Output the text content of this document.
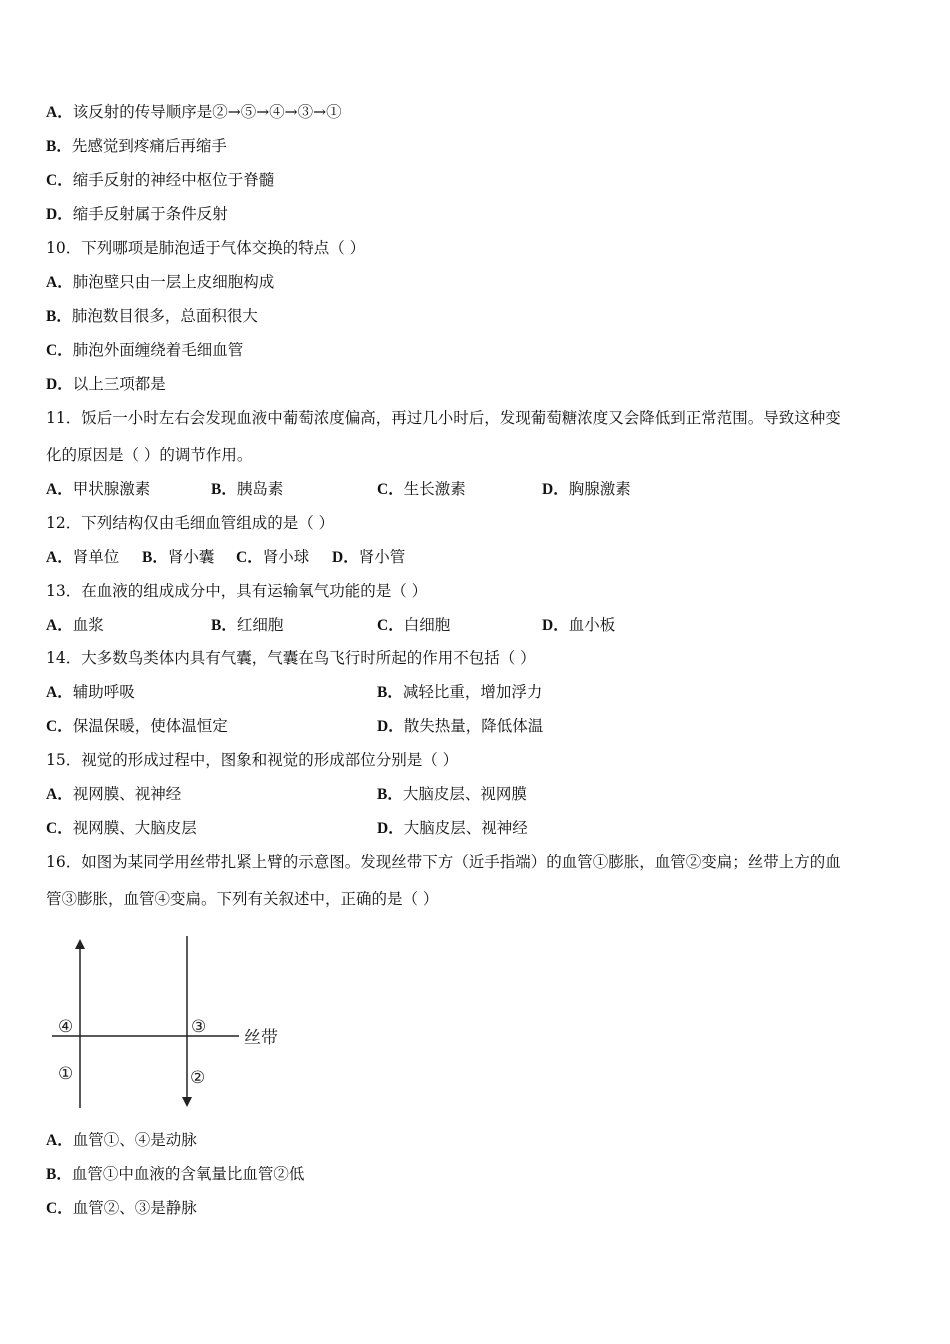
A．该反射的传导顺序是②→⑤→④→③→①
B．先感觉到疼痛后再缩手
C．缩手反射的神经中枢位于脊髓
D．缩手反射属于条件反射
10．下列哪项是肺泡适于气体交换的特点（ ）
A．肺泡壁只由一层上皮细胞构成
B．肺泡数目很多，总面积很大
C．肺泡外面缠绕着毛细血管
D．以上三项都是
11．饭后一小时左右会发现血液中葡萄浓度偏高，再过几小时后，发现葡萄糖浓度又会降低到正常范围。导致这种变
化的原因是（ ）的调节作用。
A．甲状腺激素	B．胰岛素	C．生长激素	D．胸腺激素
12．下列结构仅由毛细血管组成的是（ ）
A．肾单位 B．肾小囊 C．肾小球 D．肾小管
13．在血液的组成成分中，具有运输氧气功能的是（ ）
A．血浆	B．红细胞	C．白细胞	D．血小板
14．大多数鸟类体内具有气囊，气囊在鸟飞行时所起的作用不包括（ ）
A．辅助呼吸	B．减轻比重，增加浮力
C．保温保暖，使体温恒定	D．散失热量，降低体温
15．视觉的形成过程中，图象和视觉的形成部位分别是（ ）
A．视网膜、视神经	B．大脑皮层、视网膜
C．视网膜、大脑皮层	D．大脑皮层、视神经
16．如图为某同学用丝带扎紧上臂的示意图。发现丝带下方（近手指端）的血管①膨胀，血管②变扁；丝带上方的血
管③膨胀，血管④变扁。下列有关叙述中，正确的是（ ）
④
①
③
②
丝带
A．血管①、④是动脉
B．血管①中血液的含氧量比血管②低
C．血管②、③是静脉
